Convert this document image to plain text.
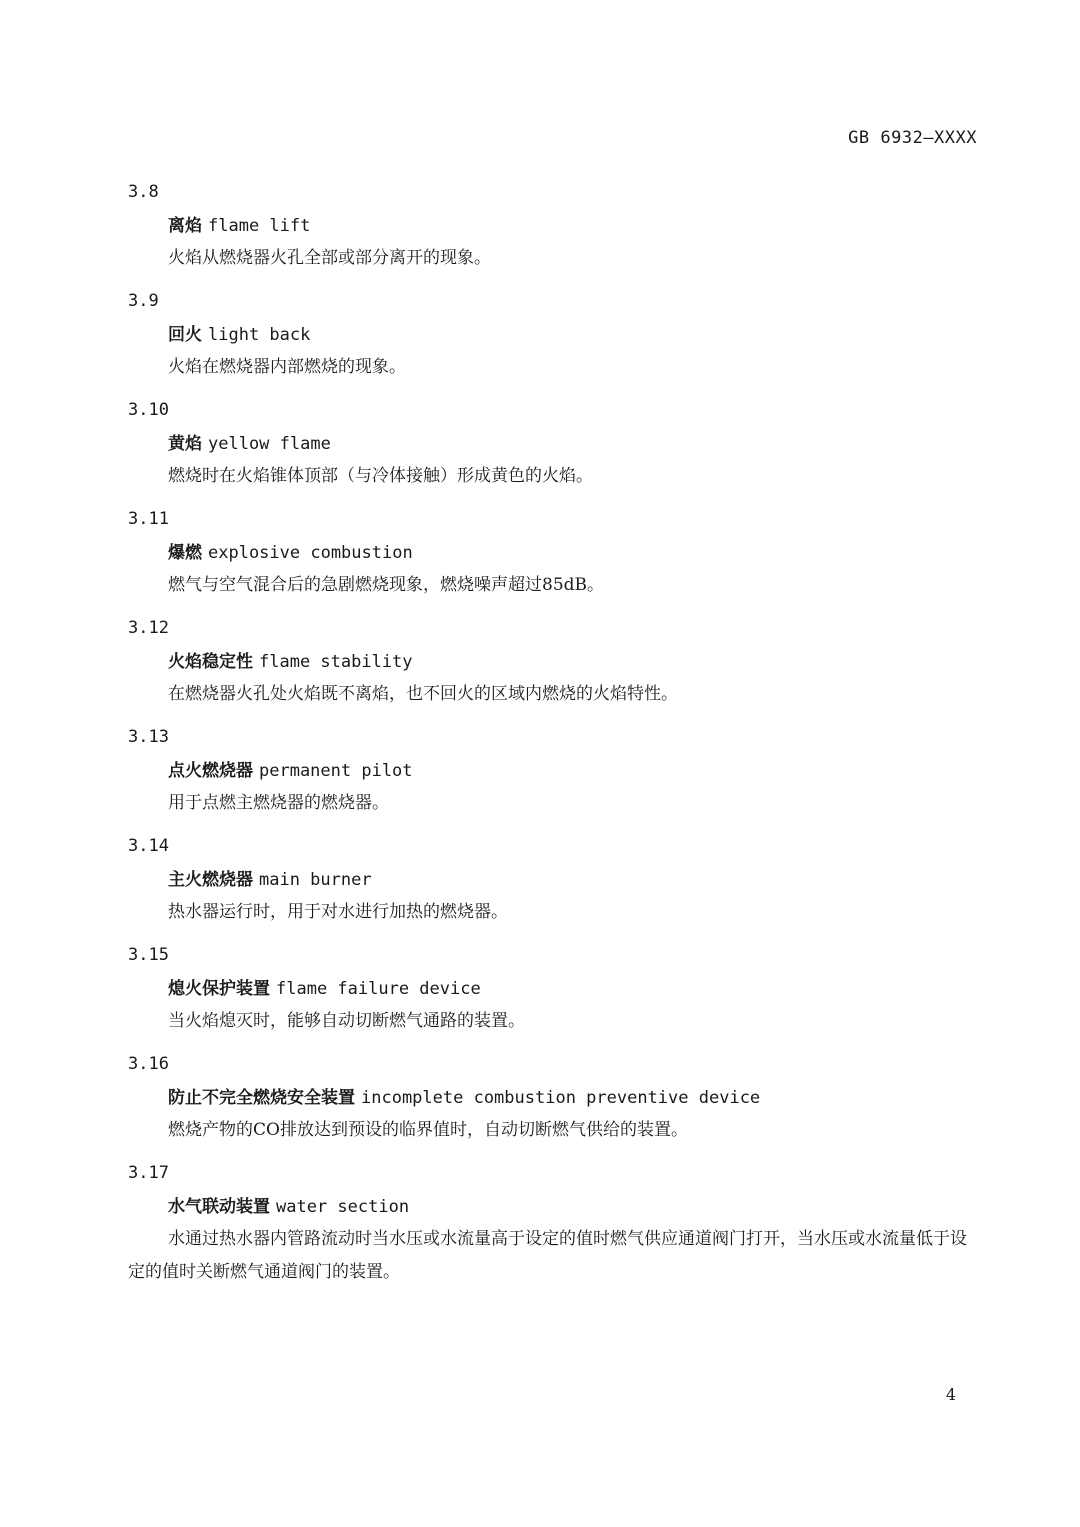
GB 6932—XXXX
3.8
离焰 flame lift
火焰从燃烧器火孔全部或部分离开的现象。
3.9
回火 light back
火焰在燃烧器内部燃烧的现象。
3.10
黄焰 yellow flame
燃烧时在火焰锥体顶部（与冷体接触）形成黄色的火焰。
3.11
爆燃 explosive combustion
燃气与空气混合后的急剧燃烧现象，燃烧噪声超过85dB。
3.12
火焰稳定性 flame stability
在燃烧器火孔处火焰既不离焰，也不回火的区域内燃烧的火焰特性。
3.13
点火燃烧器 permanent pilot
用于点燃主燃烧器的燃烧器。
3.14
主火燃烧器 main burner
热水器运行时，用于对水进行加热的燃烧器。
3.15
熄火保护装置 flame failure device
当火焰熄灭时，能够自动切断燃气通路的装置。
3.16
防止不完全燃烧安全装置 incomplete combustion preventive device
燃烧产物的CO排放达到预设的临界值时，自动切断燃气供给的装置。
3.17
水气联动装置 water section
水通过热水器内管路流动时当水压或水流量高于设定的值时燃气供应通道阀门打开，当水压或水流量低于设定的值时关断燃气通道阀门的装置。
4
